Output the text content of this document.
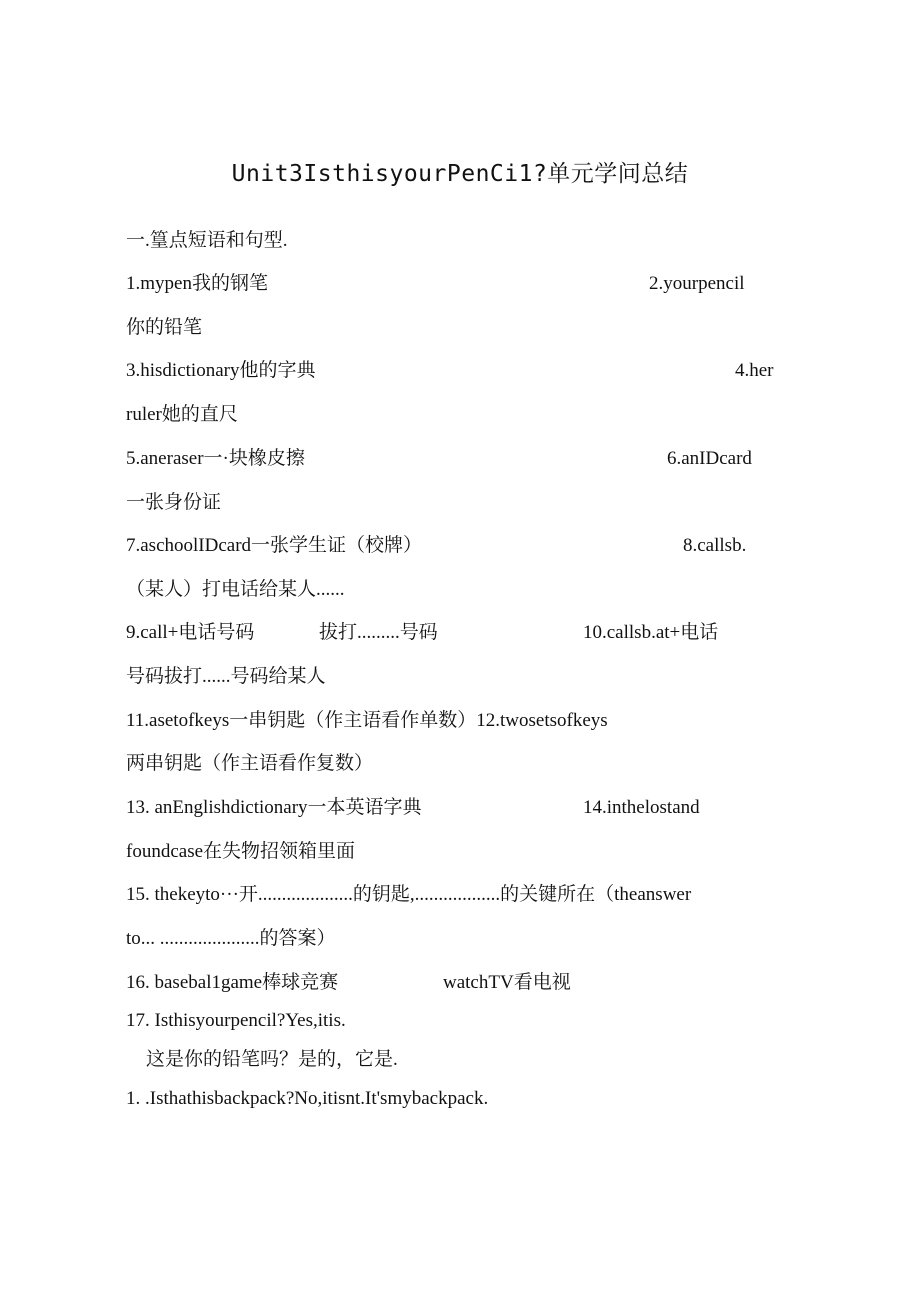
Unit3IsthisyourPenCi1?单元学问总结
一.篁点短语和句型.
1.mypen我的钢笔	2.yourpencil
你的铅笔
3.hisdictionary他的字典	4.her
ruler她的直尺
5.aneraser一·块橡皮擦	6.anIDcard
一张身份证
7.aschoolIDcard一张学生证（校牌）	8.callsb.
（某人）打电话给某人......
9.call+电话号码	拔打.........号码	10.callsb.at+电话
号码拔打......号码给某人
11.asetofkeys一串钥匙（作主语看作单数）12.twosetsofkeys
两串钥匙（作主语看作复数）
13. anEnglishdictionary一本英语字典	14.inthelostand
foundcase在失物招领箱里面
15. thekeyto···开....................的钥匙,..................的关键所在（theanswer
to... .....................的答案）
16. basebal1game棒球竞赛	watchTV看电视
17. Isthisyourpencil?Yes,itis.
这是你的铅笔吗？是的，它是.
1. .Isthathisbackpack?No,itisnt.It'smybackpack.
